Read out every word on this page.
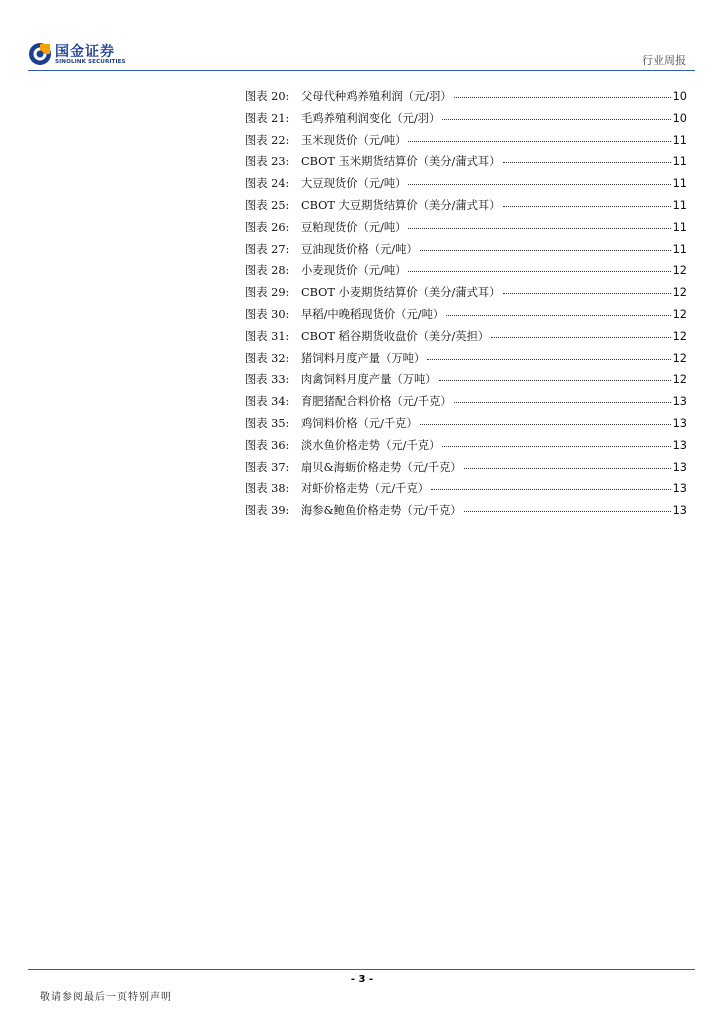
国金证券
SINOLINK SECURITIES	行业周报
图表 20:	父母代种鸡养殖利润（元/羽）	10
图表 21:	毛鸡养殖利润变化（元/羽）	10
图表 22:	玉米现货价（元/吨）	11
图表 23:	CBOT 玉米期货结算价（美分/蒲式耳）	11
图表 24:	大豆现货价（元/吨）	11
图表 25:	CBOT 大豆期货结算价（美分/蒲式耳）	11
图表 26:	豆粕现货价（元/吨）	11
图表 27:	豆油现货价格（元/吨）	11
图表 28:	小麦现货价（元/吨）	12
图表 29:	CBOT 小麦期货结算价（美分/蒲式耳）	12
图表 30:	早稻/中晚稻现货价（元/吨）	12
图表 31:	CBOT 稻谷期货收盘价（美分/英担）	12
图表 32:	猪饲料月度产量（万吨）	12
图表 33:	肉禽饲料月度产量（万吨）	12
图表 34:	育肥猪配合料价格（元/千克）	13
图表 35:	鸡饲料价格（元/千克）	13
图表 36:	淡水鱼价格走势（元/千克）	13
图表 37:	扇贝&海蛎价格走势（元/千克）	13
图表 38:	对虾价格走势（元/千克）	13
图表 39:	海参&鲍鱼价格走势（元/千克）	13
- 3 -
敬请参阅最后一页特别声明
